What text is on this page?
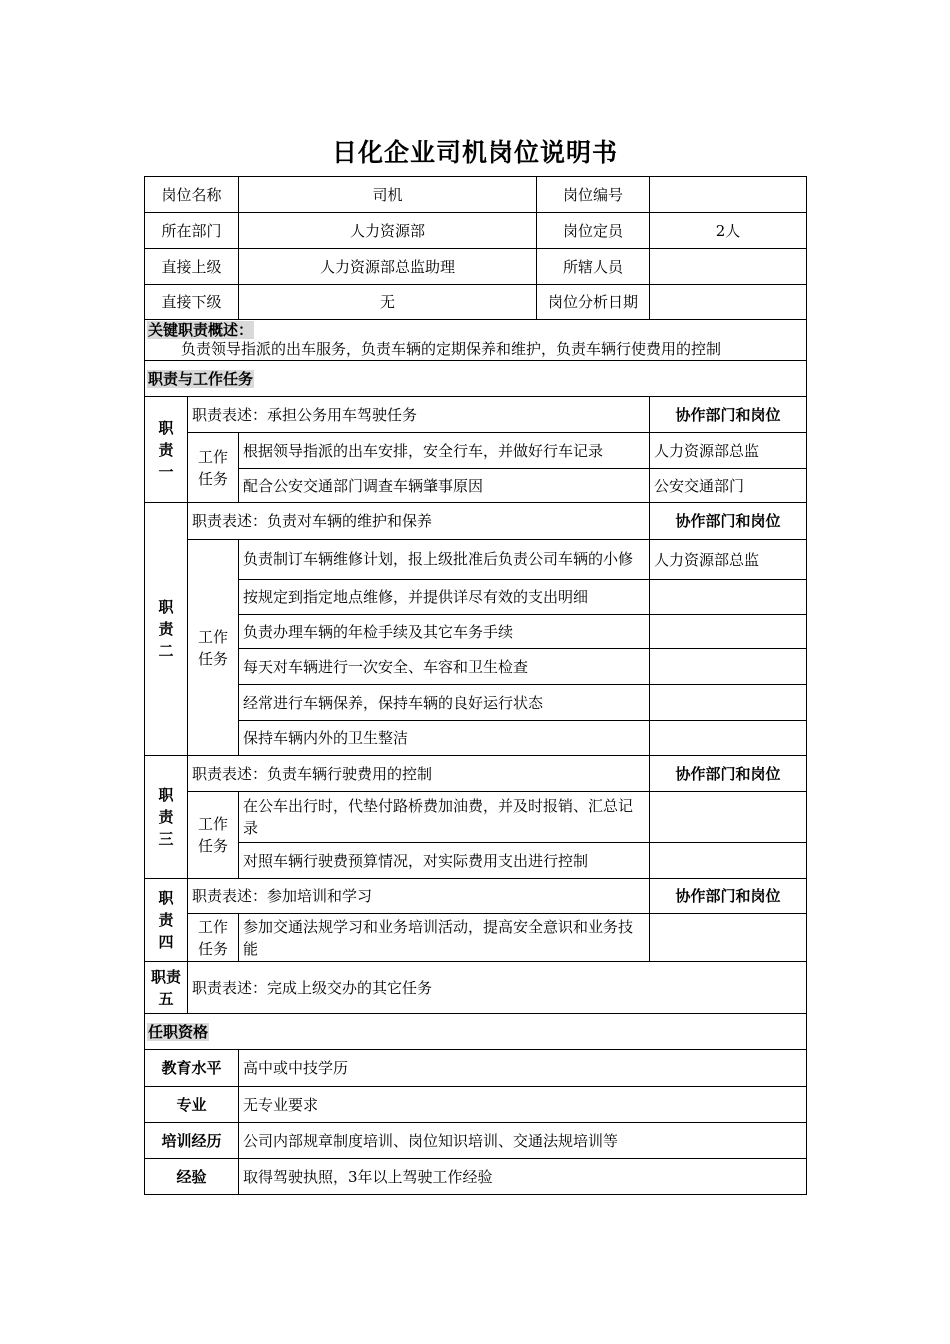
日化企业司机岗位说明书
岗位名称		司机	岗位编号	
所在部门		人力资源部	岗位定员	2人
直接上级		人力资源部总监助理	所辖人员	
直接下级		无	岗位分析日期	
关键职责概述：
负责领导指派的出车服务，负责车辆的定期保养和维护，负责车辆行使费用的控制				
职责与工作任务				

职责一	职责表述：承担公务用车驾驶任务			协作部门和岗位

	工作任务	根据领导指派的出车安排，安全行车，并做好行车记录		人力资源部总监
		配合公安交通部门调查车辆肇事原因		公安交通部门

职责二	职责表述：负责对车辆的维护和保养			协作部门和岗位

	工作任务	负责制订车辆维修计划，报上级批准后负责公司车辆的小修		人力资源部总监
		按规定到指定地点维修，并提供详尽有效的支出明细		
		负责办理车辆的年检手续及其它车务手续		
		每天对车辆进行一次安全、车容和卫生检查		
		经常进行车辆保养，保持车辆的良好运行状态		
		保持车辆内外的卫生整洁		

职责三	职责表述：负责车辆行驶费用的控制			协作部门和岗位

	工作任务	在公车出行时，代垫付路桥费加油费，并及时报销、汇总记录		
		对照车辆行驶费预算情况，对实际费用支出进行控制		

职责四	职责表述：参加培训和学习			协作部门和岗位

	工作任务	参加交通法规学习和业务培训活动，提高安全意识和业务技能		

职责五	职责表述：完成上级交办的其它任务			
任职资格				
教育水平		高中或中技学历		
专业		无专业要求		
培训经历		公司内部规章制度培训、岗位知识培训、交通法规培训等		
经验		取得驾驶执照，3年以上驾驶工作经验		
